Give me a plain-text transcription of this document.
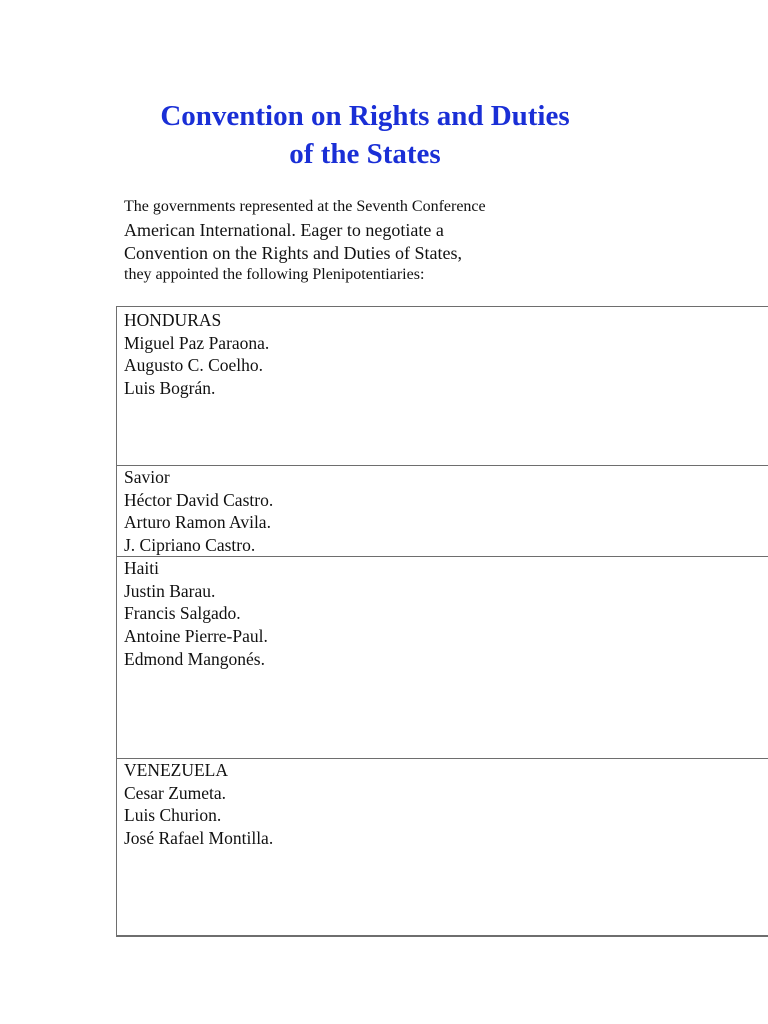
Convention on Rights and Duties
of the States
The governments represented at the Seventh Conference
American International. Eager to negotiate a
Convention on the Rights and Duties of States,
they appointed the following Plenipotentiaries:
HONDURAS
Miguel Paz Paraona.
Augusto C. Coelho.
Luis Bográn.
Savior
Héctor David Castro.
Arturo Ramon Avila.
J. Cipriano Castro.
Haiti
Justin Barau.
Francis Salgado.
Antoine Pierre-Paul.
Edmond Mangonés.
VENEZUELA
Cesar Zumeta.
Luis Churion.
José Rafael Montilla.
